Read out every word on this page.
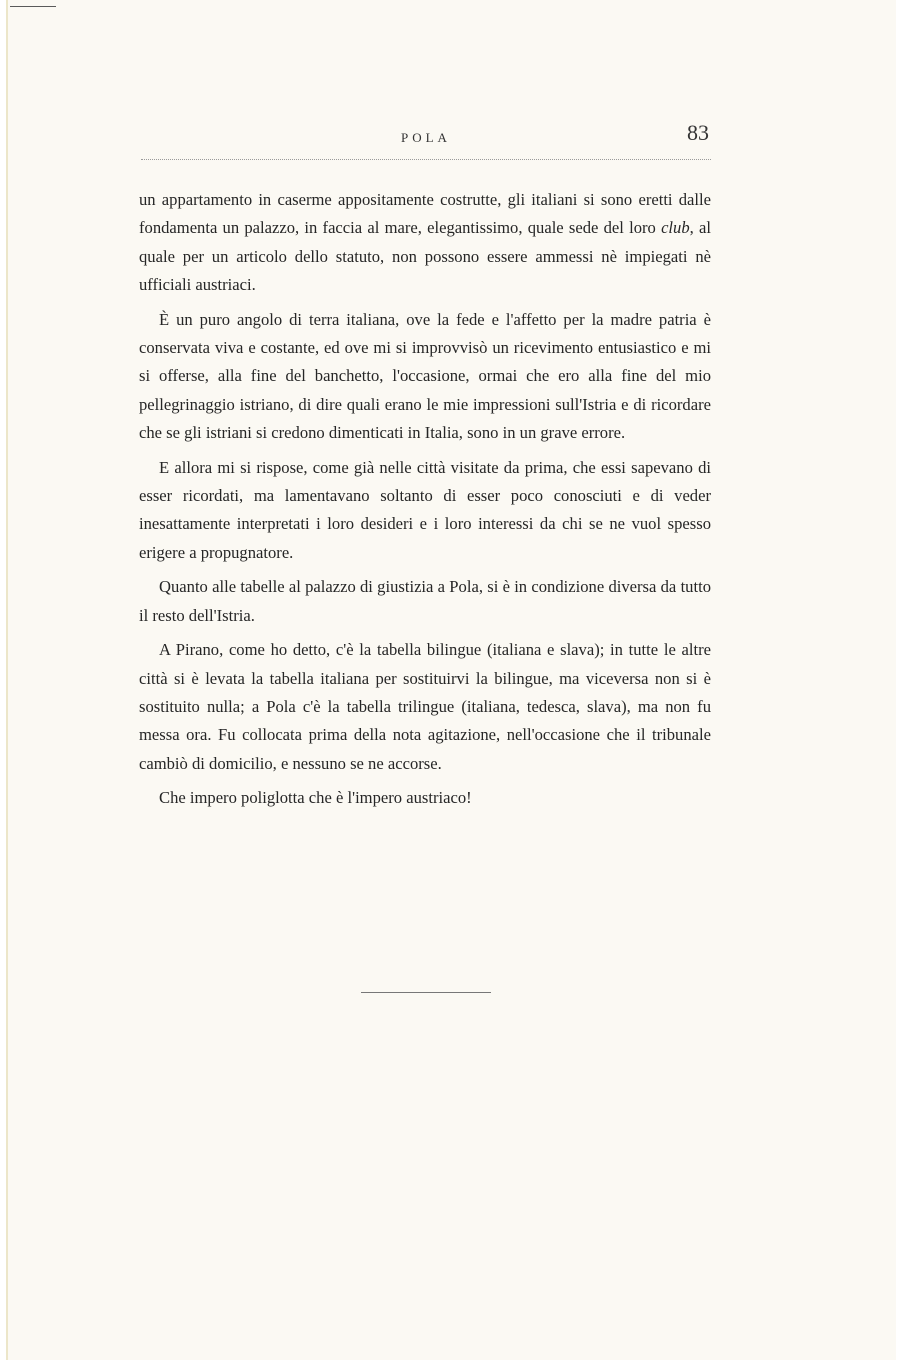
POLA	83

un appartamento in caserme appositamente costrutte, gli italiani si sono eretti dalle fondamenta un palazzo, in faccia al mare, elegantissimo, quale sede del loro club, al quale per un articolo dello statuto, non possono essere ammessi nè impiegati nè ufficiali austriaci.

È un puro angolo di terra italiana, ove la fede e l'affetto per la madre patria è conservata viva e costante, ed ove mi si improvvisò un ricevimento entusiastico e mi si offerse, alla fine del banchetto, l'occasione, ormai che ero alla fine del mio pellegrinaggio istriano, di dire quali erano le mie impressioni sull'Istria e di ricordare che se gli istriani si credono dimenticati in Italia, sono in un grave errore.

E allora mi si rispose, come già nelle città visitate da prima, che essi sapevano di esser ricordati, ma lamentavano soltanto di esser poco conosciuti e di veder inesattamente interpretati i loro desideri e i loro interessi da chi se ne vuol spesso erigere a propugnatore.

Quanto alle tabelle al palazzo di giustizia a Pola, si è in condizione diversa da tutto il resto dell'Istria.

A Pirano, come ho detto, c'è la tabella bilingue (italiana e slava); in tutte le altre città si è levata la tabella italiana per sostituirvi la bilingue, ma viceversa non si è sostituito nulla; a Pola c'è la tabella trilingue (italiana, tedesca, slava), ma non fu messa ora. Fu collocata prima della nota agitazione, nell'occasione che il tribunale cambiò di domicilio, e nessuno se ne accorse.

Che impero poliglotta che è l'impero austriaco!
